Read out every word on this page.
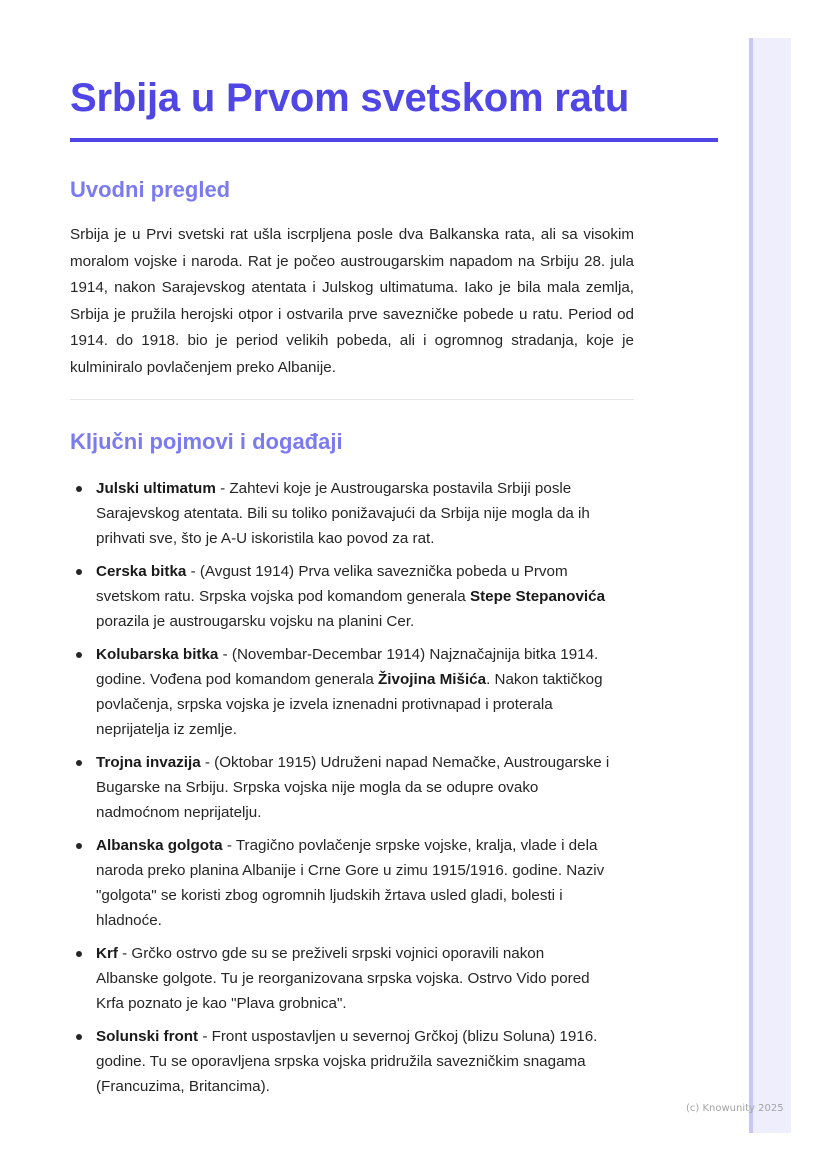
Srbija u Prvom svetskom ratu
Uvodni pregled

Srbija je u Prvi svetski rat ušla iscrpljena posle dva Balkanska rata, ali sa visokim moralom vojske i naroda. Rat je počeo austrougarskim napadom na Srbiju 28. jula 1914, nakon Sarajevskog atentata i Julskog ultimatuma. Iako je bila mala zemlja, Srbija je pružila herojski otpor i ostvarila prve savezničke pobede u ratu. Period od 1914. do 1918. bio je period velikih pobeda, ali i ogromnog stradanja, koje je kulminiralo povlačenjem preko Albanije.

Ključni pojmovi i događaji
Julski ultimatum - Zahtevi koje je Austrougarska postavila Srbiji posle Sarajevskog atentata. Bili su toliko ponižavajući da Srbija nije mogla da ih prihvati sve, što je A-U iskoristila kao povod za rat.
Cerska bitka - (Avgust 1914) Prva velika saveznička pobeda u Prvom svetskom ratu. Srpska vojska pod komandom generala Stepe Stepanovića porazila je austrougarsku vojsku na planini Cer.
Kolubarska bitka - (Novembar-Decembar 1914) Najznačajnija bitka 1914. godine. Vođena pod komandom generala Živojina Mišića. Nakon taktičkog povlačenja, srpska vojska je izvela iznenadni protivnapad i proterala neprijatelja iz zemlje.
Trojna invazija - (Oktobar 1915) Udruženi napad Nemačke, Austrougarske i Bugarske na Srbiju. Srpska vojska nije mogla da se odupre ovako nadmoćnom neprijatelju.
Albanska golgota - Tragično povlačenje srpske vojske, kralja, vlade i dela naroda preko planina Albanije i Crne Gore u zimu 1915/1916. godine. Naziv "golgota" se koristi zbog ogromnih ljudskih žrtava usled gladi, bolesti i hladnoće.
Krf - Grčko ostrvo gde su se preživeli srpski vojnici oporavili nakon Albanske golgote. Tu je reorganizovana srpska vojska. Ostrvo Vido pored Krfa poznato je kao "Plava grobnica".
Solunski front - Front uspostavljen u severnoj Grčkoj (blizu Soluna) 1916. godine. Tu se oporavljena srpska vojska pridružila savezničkim snagama (Francuzima, Britancima).
(c) Knowunity 2025
